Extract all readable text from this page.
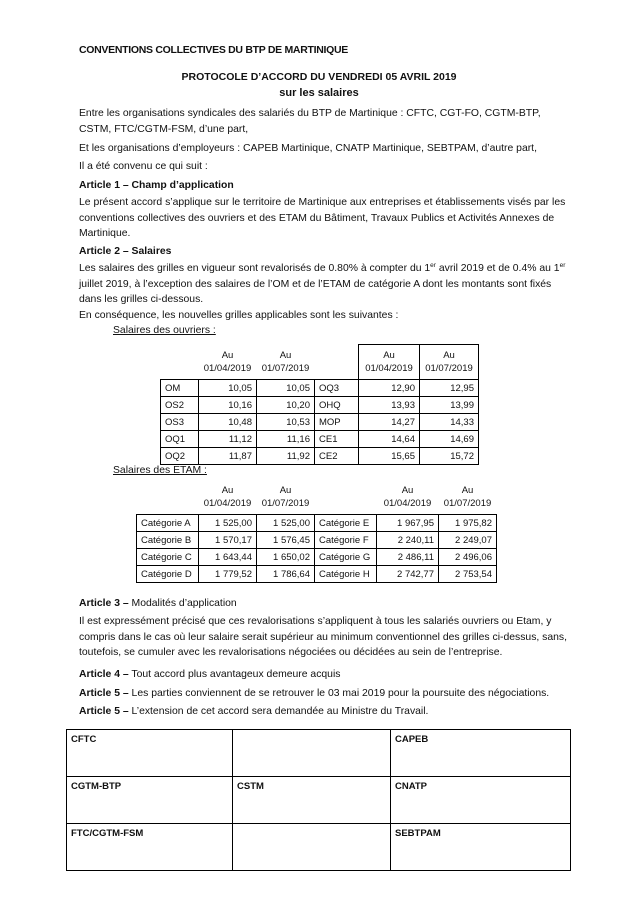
CONVENTIONS COLLECTIVES DU BTP DE MARTINIQUE
PROTOCOLE D’ACCORD DU VENDREDI 05 AVRIL 2019
sur les salaires
Entre les organisations syndicales des salariés du BTP de Martinique : CFTC, CGT-FO, CGTM-BTP, CSTM, FTC/CGTM-FSM, d’une part,
Et les organisations d’employeurs : CAPEB Martinique, CNATP Martinique, SEBTPAM, d’autre part,
Il a été convenu ce qui suit :
Article 1 – Champ d’application
Le présent accord s’applique sur le territoire de Martinique aux entreprises et établissements visés par les conventions collectives des ouvriers et des ETAM du Bâtiment, Travaux Publics et Activités Annexes de Martinique.
Article 2 – Salaires
Les salaires des grilles en vigueur sont revalorisés de 0.80% à compter du 1er avril 2019 et de 0.4% au 1er juillet 2019, à l’exception des salaires de l’OM et de l’ETAM de catégorie A dont les montants sont fixés dans les grilles ci-dessous.
En conséquence, les nouvelles grilles applicables sont les suivantes :
Salaires des ouvriers :
	Au
01/04/2019	Au
01/07/2019		Au
01/04/2019	Au
01/07/2019
OM	10,05	10,05	OQ3	12,90	12,95
OS2	10,16	10,20	OHQ	13,93	13,99
OS3	10,48	10,53	MOP	14,27	14,33
OQ1	11,12	11,16	CE1	14,64	14,69
OQ2	11,87	11,92	CE2	15,65	15,72
Salaires des ETAM :
	Au
01/04/2019	Au
01/07/2019		Au
01/04/2019	Au
01/07/2019
Catégorie A	1 525,00	1 525,00	Catégorie E	1 967,95	1 975,82
Catégorie B	1 570,17	1 576,45	Catégorie F	2 240,11	2 249,07
Catégorie C	1 643,44	1 650,02	Catégorie G	2 486,11	2 496,06
Catégorie D	1 779,52	1 786,64	Catégorie H	2 742,77	2 753,54
Article 3 – Modalités d’application
Il est expressément précisé que ces revalorisations s’appliquent à tous les salariés ouvriers ou Etam, y compris dans le cas où leur salaire serait supérieur au minimum conventionnel des grilles ci-dessus, sans, toutefois, se cumuler avec les revalorisations négociées ou décidées au sein de l’entreprise.
Article 4 – Tout accord plus avantageux demeure acquis
Article 5 – Les parties conviennent de se retrouver le 03 mai 2019 pour la poursuite des négociations.
Article 5 – L’extension de cet accord sera demandée au Ministre du Travail.
CFTC		CAPEB
CGTM-BTP	CSTM	CNATP
FTC/CGTM-FSM		SEBTPAM
